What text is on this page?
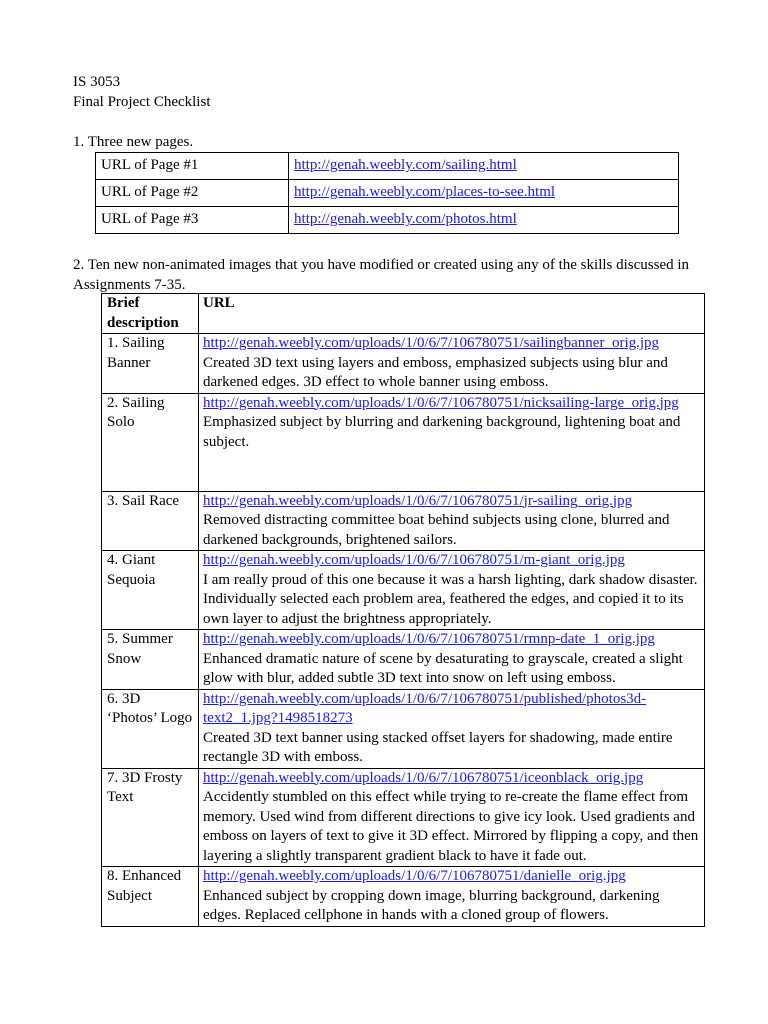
IS 3053
Final Project Checklist
1. Three new pages.
URL of Page #1	http://genah.weebly.com/sailing.html
URL of Page #2	http://genah.weebly.com/places-to-see.html
URL of Page #3	http://genah.weebly.com/photos.html
2. Ten new non-animated images that you have modified or created using any of the skills discussed in Assignments 7-35.
Brief description	URL
1. Sailing Banner	http://genah.weebly.com/uploads/1/0/6/7/106780751/sailingbanner_orig.jpg
Created 3D text using layers and emboss, emphasized subjects using blur and darkened edges. 3D effect to whole banner using emboss.
2. Sailing Solo	http://genah.weebly.com/uploads/1/0/6/7/106780751/nicksailing-large_orig.jpg
Emphasized subject by blurring and darkening background, lightening boat and subject.
3. Sail Race	http://genah.weebly.com/uploads/1/0/6/7/106780751/jr-sailing_orig.jpg
Removed distracting committee boat behind subjects using clone, blurred and darkened backgrounds, brightened sailors.
4. Giant Sequoia	http://genah.weebly.com/uploads/1/0/6/7/106780751/m-giant_orig.jpg
I am really proud of this one because it was a harsh lighting, dark shadow disaster. Individually selected each problem area, feathered the edges, and copied it to its own layer to adjust the brightness appropriately.
5. Summer Snow	http://genah.weebly.com/uploads/1/0/6/7/106780751/rmnp-date_1_orig.jpg
Enhanced dramatic nature of scene by desaturating to grayscale, created a slight glow with blur, added subtle 3D text into snow on left using emboss.
6. 3D ‘Photos’ Logo	http://genah.weebly.com/uploads/1/0/6/7/106780751/published/photos3d-text2_1.jpg?1498518273
Created 3D text banner using stacked offset layers for shadowing, made entire rectangle 3D with emboss.
7. 3D Frosty Text	http://genah.weebly.com/uploads/1/0/6/7/106780751/iceonblack_orig.jpg
Accidently stumbled on this effect while trying to re-create the flame effect from memory. Used wind from different directions to give icy look. Used gradients and emboss on layers of text to give it 3D effect. Mirrored by flipping a copy, and then layering a slightly transparent gradient black to have it fade out.
8. Enhanced Subject	http://genah.weebly.com/uploads/1/0/6/7/106780751/danielle_orig.jpg
Enhanced subject by cropping down image, blurring background, darkening edges. Replaced cellphone in hands with a cloned group of flowers.
